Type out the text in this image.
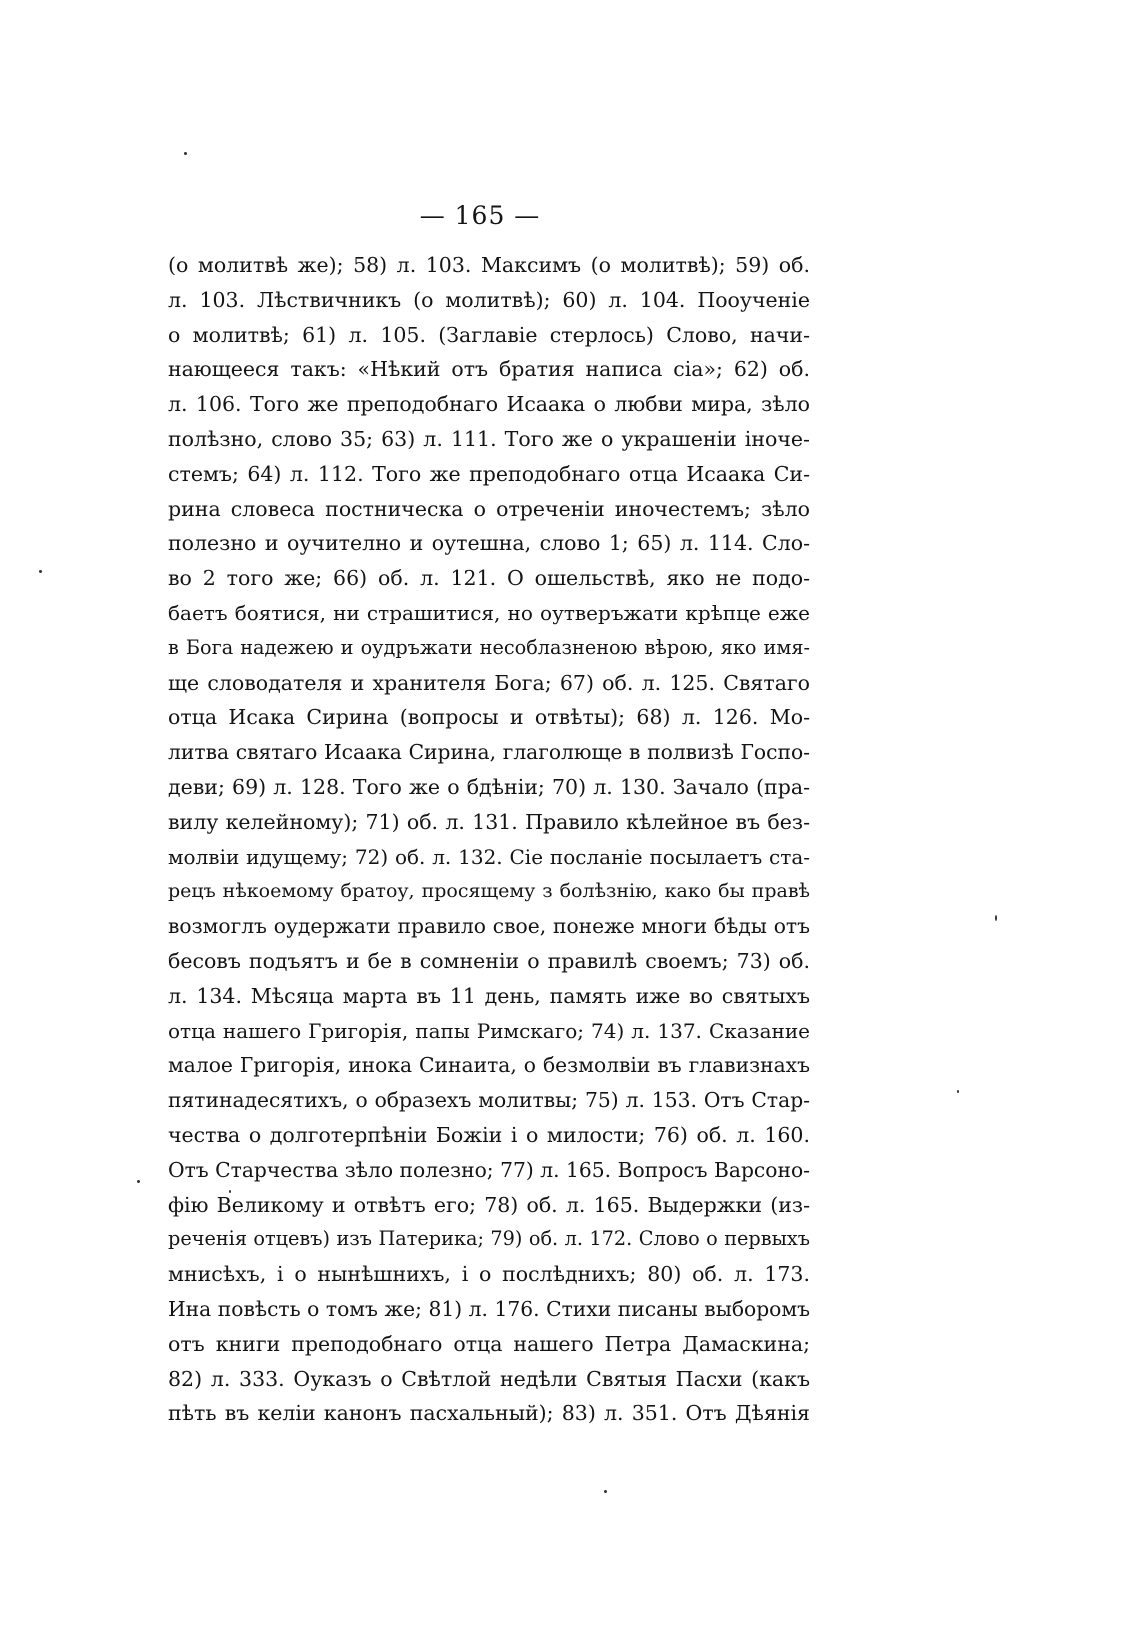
— 165 —
(о молитвѣ же); 58) л. 103. Максимъ (о молитвѣ); 59) об.
л. 103. Лѣствичникъ (о молитвѣ); 60) л. 104. Пооученіе
о молитвѣ; 61) л. 105. (Заглавіе стерлось) Слово, начи-
нающееся такъ: «Нѣкий отъ братия написа сіа»; 62) об.
л. 106. Того же преподобнаго Исаака о любви мира, зѣло
полѣзно, слово 35; 63) л. 111. Того же о украшеніи іноче-
стемъ; 64) л. 112. Того же преподобнаго отца Исаака Си-
рина словеса постническа о отреченіи иночестемъ; зѣло
полезно и оучително и оутешна, слово 1; 65) л. 114. Сло-
во 2 того же; 66) об. л. 121. О ошельствѣ, яко не подо-
баетъ боятися, ни страшитися, но оутверъжати крѣпце еже
в Бога надежею и оудръжати несоблазненою вѣрою, яко имя-
ще словодателя и хранителя Бога; 67) об. л. 125. Святаго
отца Исака Сирина (вопросы и отвѣты); 68) л. 126. Мо-
литва святаго Исаака Сирина, глаголюще в полвизѣ Госпо-
деви; 69) л. 128. Того же о бдѣніи; 70) л. 130. Зачало (пра-
вилу келейному); 71) об. л. 131. Правило кѣлейное въ без-
молвіи идущему; 72) об. л. 132. Сіе посланіе посылаетъ ста-
рецъ нѣкоемому братоу, просящему з болѣзнію, како бы правѣ
возмоглъ оудержати правило свое, понеже многи бѣды отъ
бесовъ подъятъ и бе в сомненіи о правилѣ своемъ; 73) об.
л. 134. Мѣсяца марта въ 11 день, память иже во святыхъ
отца нашего Григорія, папы Римскаго; 74) л. 137. Сказание
малое Григорія, инока Синаита, о безмолвіи въ главизнахъ
пятинадесятихъ, о образехъ молитвы; 75) л. 153. Отъ Стар-
чества о долготерпѣніи Божіи і о милости; 76) об. л. 160.
Отъ Старчества зѣло полезно; 77) л. 165. Вопросъ Варсоно-
фію Великому и отвѣтъ его; 78) об. л. 165. Выдержки (из-
реченія отцевъ) изъ Патерика; 79) об. л. 172. Слово о первыхъ
мнисѣхъ, і о нынѣшнихъ, і о послѣднихъ; 80) об. л. 173.
Ина повѣсть о томъ же; 81) л. 176. Стихи писаны выборомъ
отъ книги преподобнаго отца нашего Петра Дамаскина;
82) л. 333. Оуказъ о Свѣтлой недѣли Святыя Пасхи (какъ
пѣть въ келіи канонъ пасхальный); 83) л. 351. Отъ Дѣянія
